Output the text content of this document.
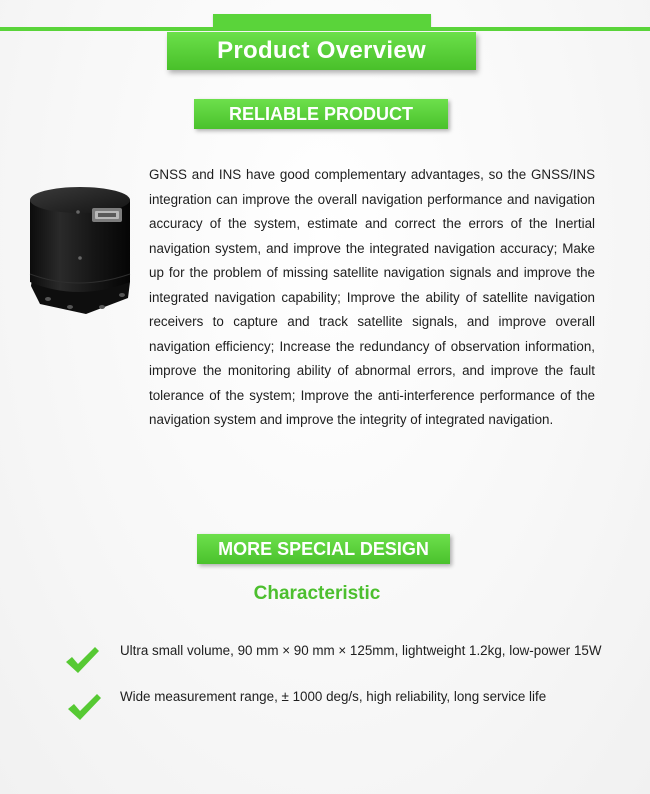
Product Overview
RELIABLE PRODUCT

GNSS and INS have good complementary advantages, so the GNSS/INS integration can improve the overall navigation performance and navigation accuracy of the system, estimate and correct the errors of the Inertial navigation system, and improve the integrated navigation accuracy; Make up for the problem of missing satellite navigation signals and improve the integrated navigation capability; Improve the ability of satellite navigation receivers to capture and track satellite signals, and improve overall navigation efficiency; Increase the redundancy of observation information, improve the monitoring ability of abnormal errors, and improve the fault tolerance of the system; Improve the anti-interference performance of the navigation system and improve the integrity of integrated navigation.

MORE SPECIAL DESIGN
Characteristic

Ultra small volume, 90 mm × 90 mm × 125mm, lightweight 1.2kg, low-power 15W

Wide measurement range, ± 1000 deg/s, high reliability, long service life
